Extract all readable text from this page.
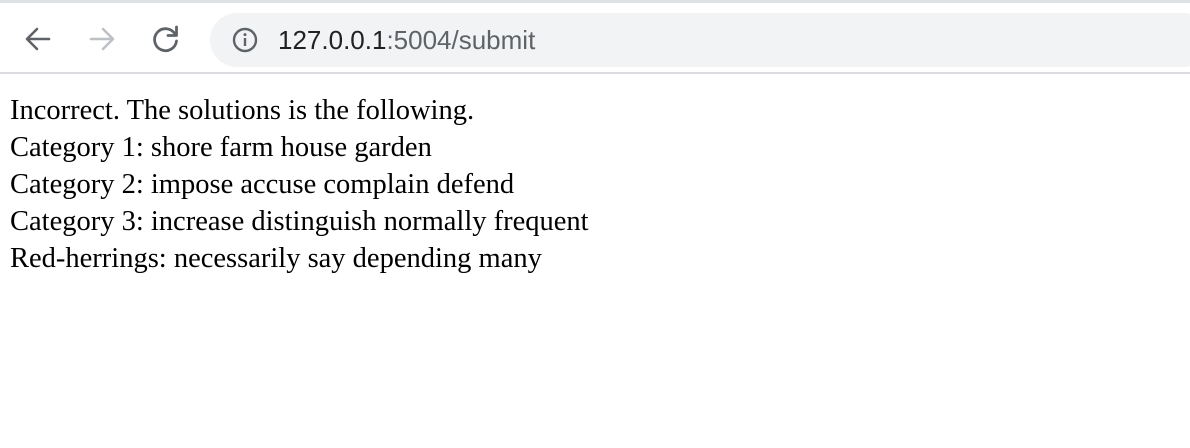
127.0.0.1:5004/submit
Incorrect. The solutions is the following.
Category 1: shore farm house garden
Category 2: impose accuse complain defend
Category 3: increase distinguish normally frequent
Red-herrings: necessarily say depending many
